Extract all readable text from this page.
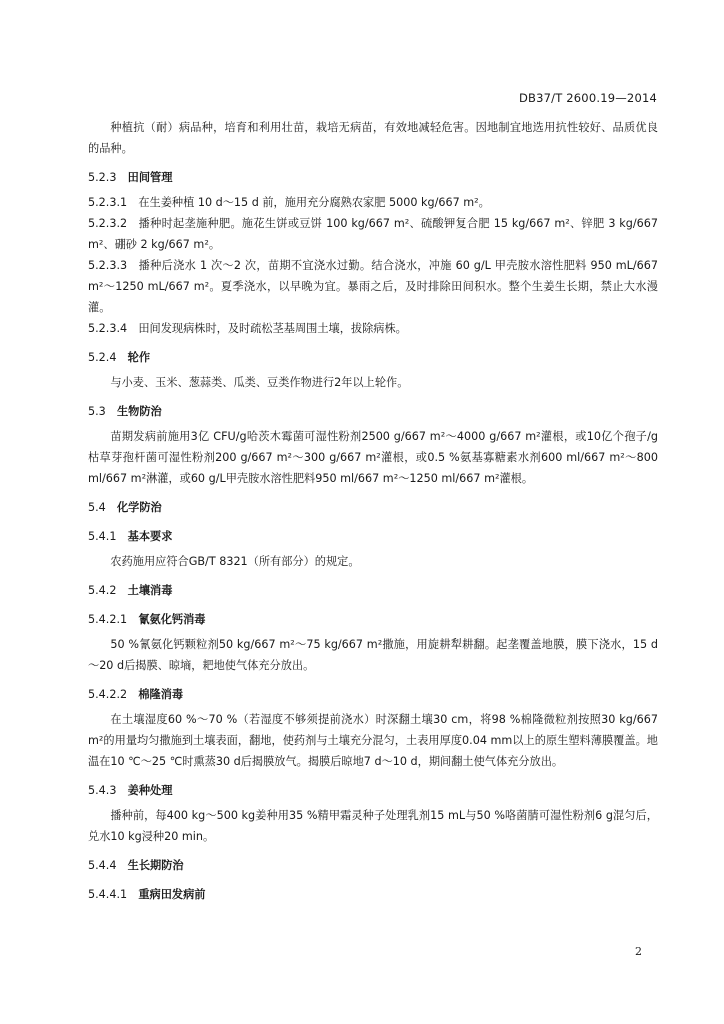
DB37/T 2600.19—2014

种植抗（耐）病品种，培育和利用壮苗，栽培无病苗，有效地减轻危害。因地制宜地选用抗性较好、品质优良的品种。

5.2.3 田间管理

5.2.3.1 在生姜种植 10 d～15 d 前，施用充分腐熟农家肥 5000 kg/667 m²。

5.2.3.2 播种时起垄施种肥。施花生饼或豆饼 100 kg/667 m²、硫酸钾复合肥 15 kg/667 m²、锌肥 3 kg/667 m²、硼砂 2 kg/667 m²。

5.2.3.3 播种后浇水 1 次～2 次，苗期不宜浇水过勤。结合浇水，冲施 60 g/L 甲壳胺水溶性肥料 950 mL/667 m²～1250 mL/667 m²。夏季浇水，以早晚为宜。暴雨之后，及时排除田间积水。整个生姜生长期，禁止大水漫灌。

5.2.3.4 田间发现病株时，及时疏松茎基周围土壤，拔除病株。

5.2.4 轮作

与小麦、玉米、葱蒜类、瓜类、豆类作物进行2年以上轮作。

5.3 生物防治

苗期发病前施用3亿 CFU/g哈茨木霉菌可湿性粉剂2500 g/667 m²～4000 g/667 m²灌根，或10亿个孢子/g枯草芽孢杆菌可湿性粉剂200 g/667 m²～300 g/667 m²灌根，或0.5 %氨基寡糖素水剂600 ml/667 m²～800 ml/667 m²淋灌，或60 g/L甲壳胺水溶性肥料950 ml/667 m²～1250 ml/667 m²灌根。

5.4 化学防治

5.4.1 基本要求

农药施用应符合GB/T 8321（所有部分）的规定。

5.4.2 土壤消毒

5.4.2.1 氰氨化钙消毒

50 %氰氨化钙颗粒剂50 kg/667 m²～75 kg/667 m²撒施，用旋耕犁耕翻。起垄覆盖地膜，膜下浇水，15 d～20 d后揭膜、晾墒，耙地使气体充分放出。

5.4.2.2 棉隆消毒

在土壤湿度60 %～70 %（若湿度不够须提前浇水）时深翻土壤30 cm，将98 %棉隆微粒剂按照30 kg/667 m²的用量均匀撒施到土壤表面，翻地，使药剂与土壤充分混匀，土表用厚度0.04 mm以上的原生塑料薄膜覆盖。地温在10 ℃～25 ℃时熏蒸30 d后揭膜放气。揭膜后晾地7 d～10 d，期间翻土使气体充分放出。

5.4.3 姜种处理

播种前，每400 kg～500 kg姜种用35 %精甲霜灵种子处理乳剂15 mL与50 %咯菌腈可湿性粉剂6 g混匀后，兑水10 kg浸种20 min。

5.4.4 生长期防治

5.4.4.1 重病田发病前

2
